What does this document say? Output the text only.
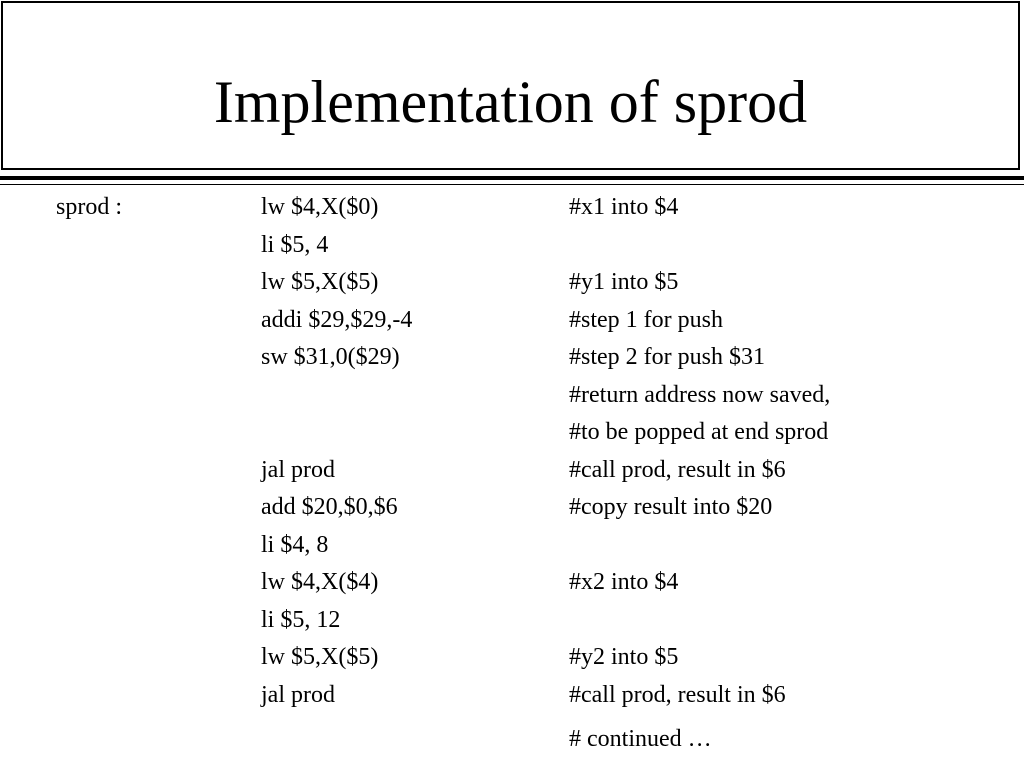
Implementation of sprod
sprod :	lw $4,X($0)	#x1 into $4
li $5, 4
lw $5,X($5)	#y1 into $5
addi $29,$29,-4	#step 1 for push
sw $31,0($29)	#step 2 for push $31
#return address now saved,
#to be popped at end sprod
jal prod	#call prod, result in $6
add $20,$0,$6	#copy result into $20
li $4, 8
lw $4,X($4)	#x2 into $4
li $5, 12
lw $5,X($5)	#y2 into $5
jal prod	#call prod, result in $6
# continued …
